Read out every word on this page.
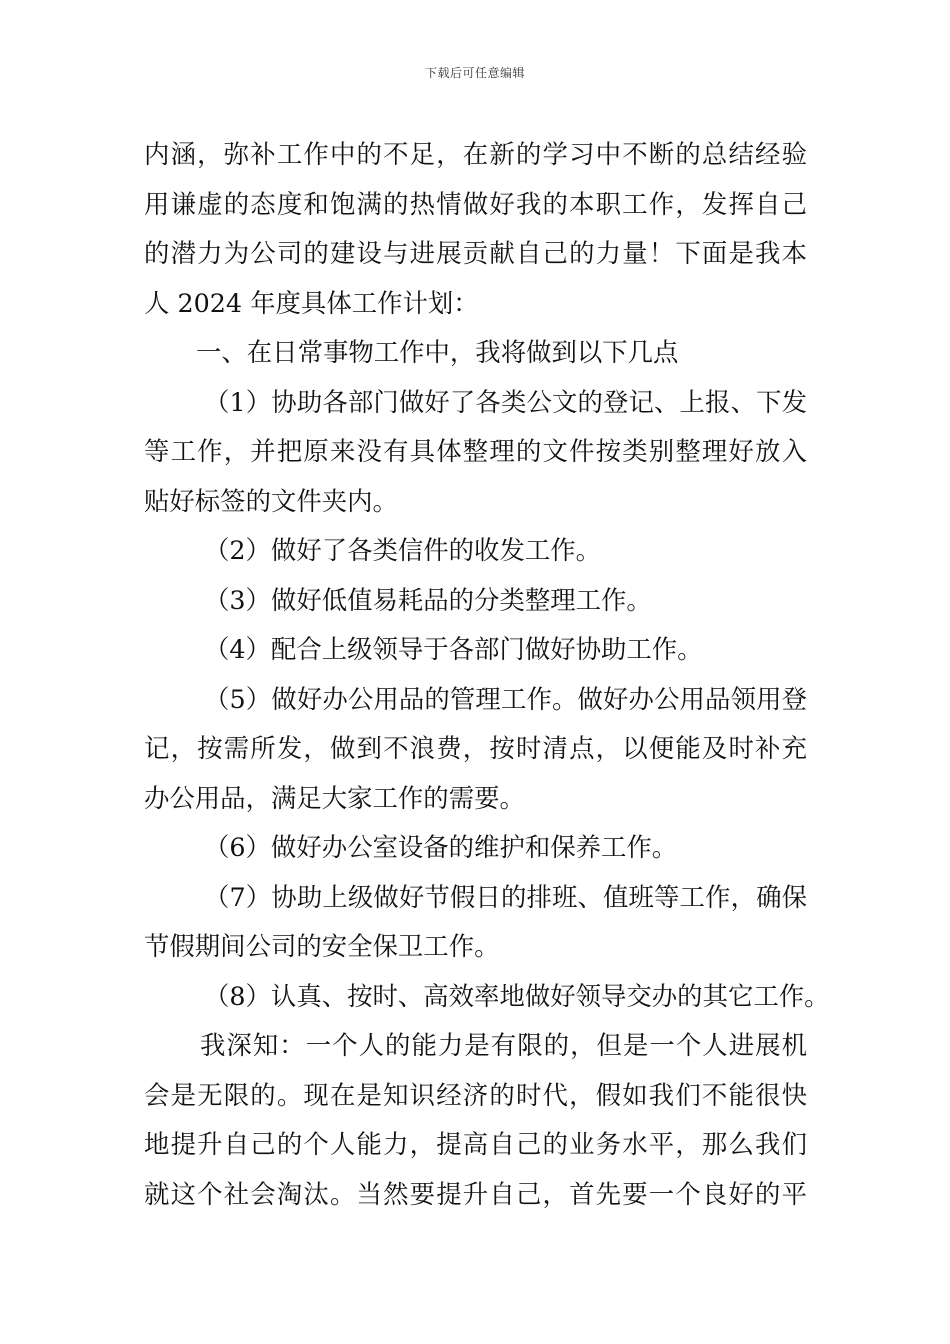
下载后可任意编辑
内涵，弥补工作中的不足，在新的学习中不断的总结经验
用谦虚的态度和饱满的热情做好我的本职工作，发挥自己
的潜力为公司的建设与进展贡献自己的力量！下面是我本
人 2024 年度具体工作计划：
一、在日常事物工作中，我将做到以下几点
（1）协助各部门做好了各类公文的登记、上报、下发
等工作，并把原来没有具体整理的文件按类别整理好放入
贴好标签的文件夹内。
（2）做好了各类信件的收发工作。
（3）做好低值易耗品的分类整理工作。
（4）配合上级领导于各部门做好协助工作。
（5）做好办公用品的管理工作。做好办公用品领用登
记，按需所发，做到不浪费，按时清点，以便能及时补充
办公用品，满足大家工作的需要。
（6）做好办公室设备的维护和保养工作。
（7）协助上级做好节假日的排班、值班等工作，确保
节假期间公司的安全保卫工作。
（8）认真、按时、高效率地做好领导交办的其它工作。
我深知：一个人的能力是有限的，但是一个人进展机
会是无限的。现在是知识经济的时代，假如我们不能很快
地提升自己的个人能力，提高自己的业务水平，那么我们
就这个社会淘汰。当然要提升自己，首先要一个良好的平
